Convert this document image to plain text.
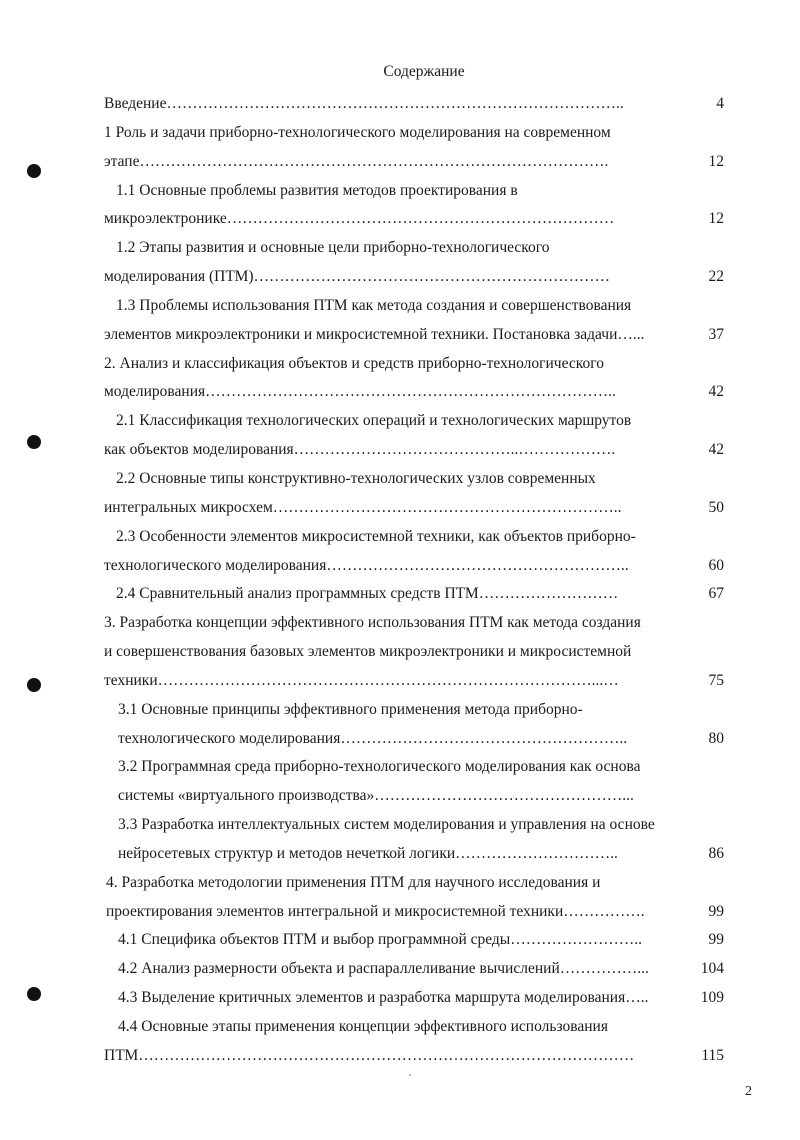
Содержание
Введение……………………………………………………………………………..	4
1 Роль и задачи приборно-технологического моделирования на современном
этапе……………………………………………………………………………….	12
1.1 Основные проблемы развития методов проектирования в
микроэлектронике…………………………………………………………………	12
1.2 Этапы развития и основные цели приборно-технологического
моделирования (ПТМ)……………………………………………………………	22
1.3 Проблемы использования ПТМ как метода создания и совершенствования
элементов микроэлектроники и микросистемной техники. Постановка задачи…...	37
2. Анализ и классификация объектов и средств приборно-технологического
моделирования……………………………………………………………………..	42
2.1 Классификация технологических операций и технологических маршрутов
как объектов моделирования……………………………………..……………….	42
2.2 Основные типы конструктивно-технологических узлов современных
интегральных микросхем…………………………………………………………..	50
2.3 Особенности элементов микросистемной техники, как объектов приборно-
технологического моделирования…………………………………………………..	60
2.4 Сравнительный анализ программных средств ПТМ………………………	67
3. Разработка концепции эффективного использования ПТМ как метода создания
и совершенствования базовых элементов микроэлектроники и микросистемной
техники…………………………………………………………………………...…	75
3.1 Основные принципы эффективного применения метода приборно-
технологического моделирования………………………………………………..	80
3.2 Программная среда приборно-технологического моделирования как основа
системы «виртуального производства»…………………………………………...
3.3 Разработка интеллектуальных систем моделирования и управления на основе
нейросетевых структур и методов нечеткой логики…………………………..	86
4. Разработка методологии применения ПТМ для научного исследования и
проектирования элементов интегральной и микросистемной техники…………….	99
4.1 Специфика объектов ПТМ и выбор программной среды……………………..	99
4.2 Анализ размерности объекта и распараллеливание вычислений……………...	104
4.3 Выделение критичных элементов и разработка маршрута моделирования…..	109
4.4 Основные этапы применения концепции эффективного использования
ПТМ……………………………………………………………………………………	115
2
